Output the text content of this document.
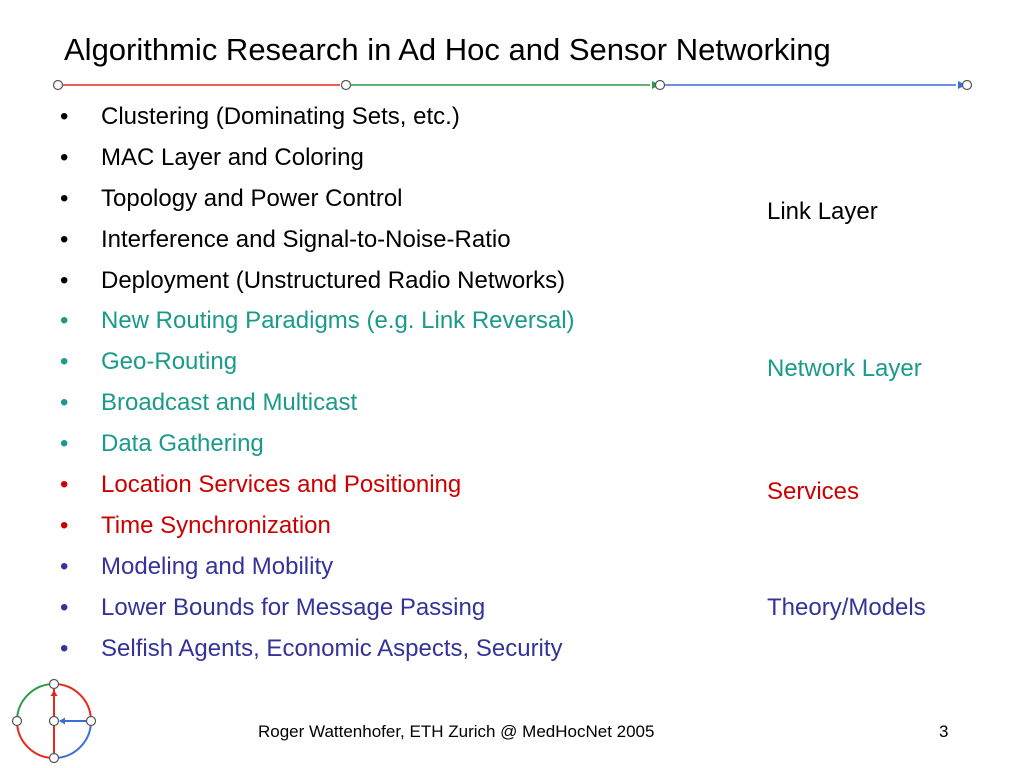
Algorithmic Research in Ad Hoc and Sensor Networking
•	Clustering (Dominating Sets, etc.)
•	MAC Layer and Coloring
•	Topology and Power Control
•	Interference and Signal-to-Noise-Ratio
•	Deployment (Unstructured Radio Networks)
•	New Routing Paradigms (e.g. Link Reversal)
•	Geo-Routing
•	Broadcast and Multicast
•	Data Gathering
•	Location Services and Positioning
•	Time Synchronization
•	Modeling and Mobility
•	Lower Bounds for Message Passing
•	Selfish Agents, Economic Aspects, Security
Link Layer
Network Layer
Services
Theory/Models
Roger Wattenhofer, ETH Zurich @ MedHocNet 2005	3
